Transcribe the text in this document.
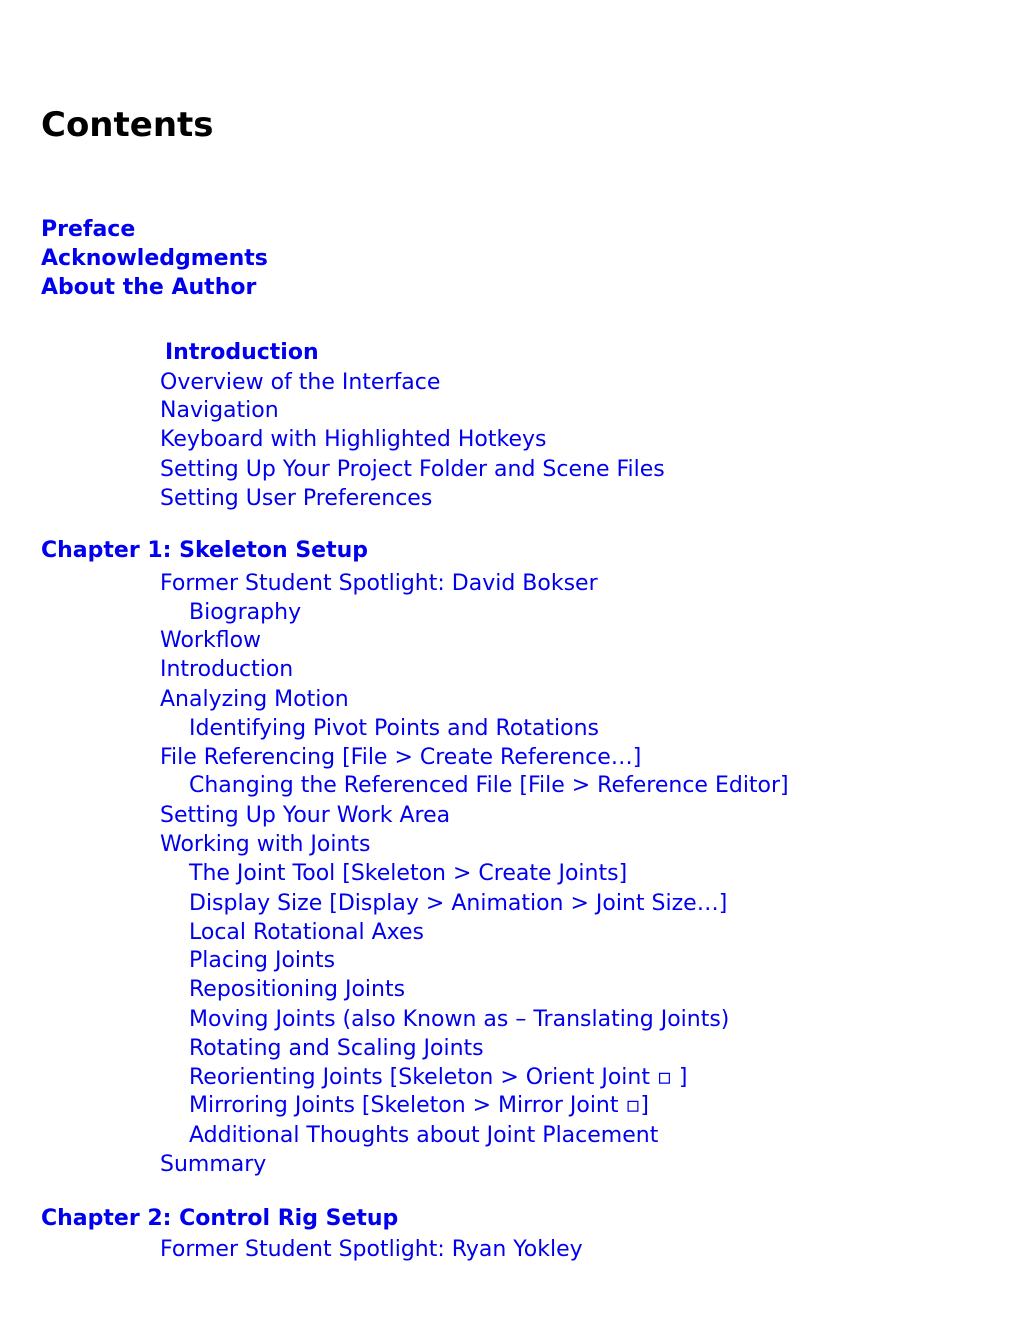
Contents
Preface
Acknowledgments
About the Author
Introduction
Overview of the Interface
Navigation
Keyboard with Highlighted Hotkeys
Setting Up Your Project Folder and Scene Files
Setting User Preferences
Chapter 1: Skeleton Setup
Former Student Spotlight: David Bokser
Biography
Workflow
Introduction
Analyzing Motion
Identifying Pivot Points and Rotations
File Referencing [File > Create Reference…]
Changing the Referenced File [File > Reference Editor]
Setting Up Your Work Area
Working with Joints
The Joint Tool [Skeleton > Create Joints]
Display Size [Display > Animation > Joint Size…]
Local Rotational Axes
Placing Joints
Repositioning Joints
Moving Joints (also Known as – Translating Joints)
Rotating and Scaling Joints
Reorienting Joints [Skeleton > Orient Joint ▫ ]
Mirroring Joints [Skeleton > Mirror Joint ▫]
Additional Thoughts about Joint Placement
Summary
Chapter 2: Control Rig Setup
Former Student Spotlight: Ryan Yokley
